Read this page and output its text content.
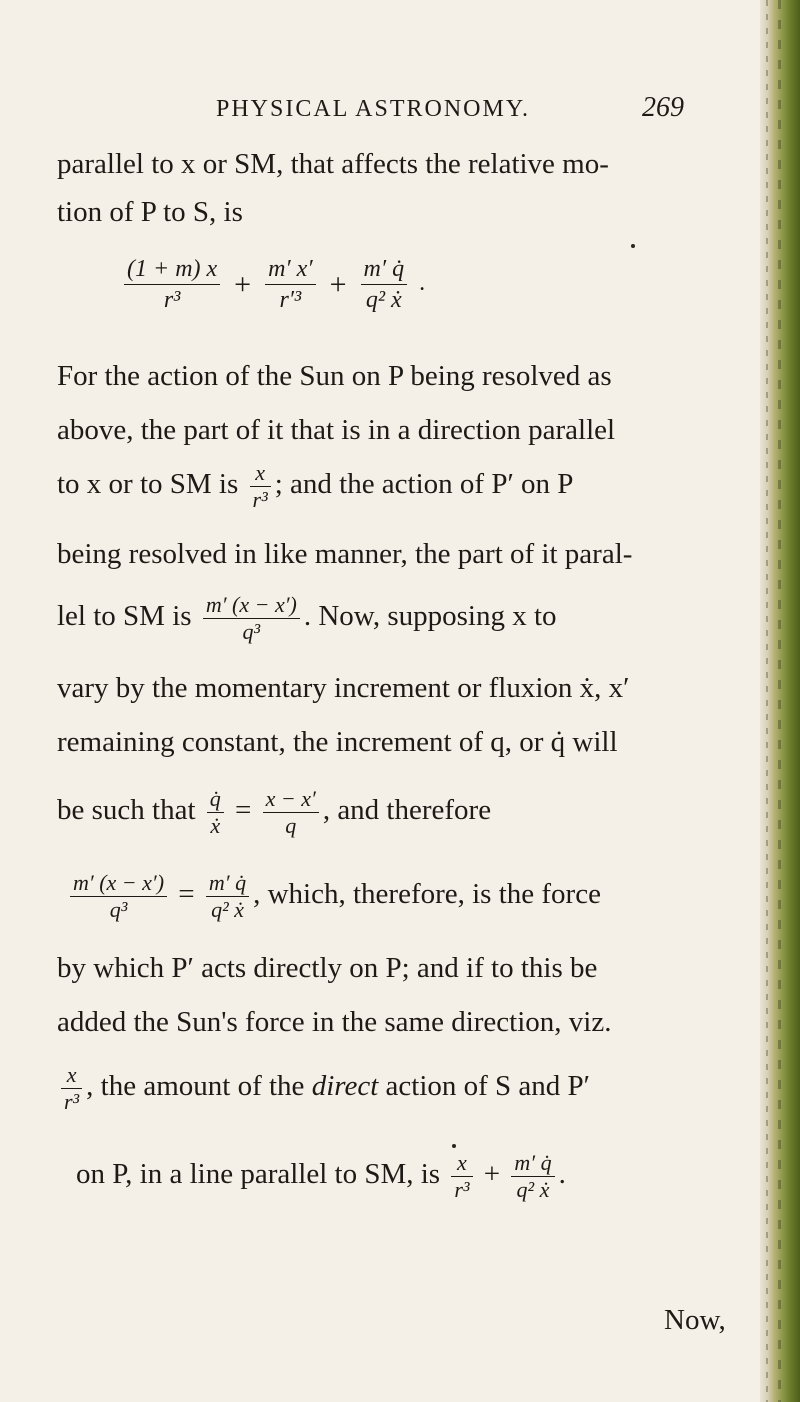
PHYSICAL ASTRONOMY.	269
parallel to x or SM, that affects the relative mo-
tion of P to S, is
$\frac{(1 + m) x}{\text{r³}} + \frac{m' x'}{\text{r′³}} + \frac{m' q̇}{\text{q² ẋ}}$ .
For the action of the Sun on P being resolved as
above, the part of it that is in a direction parallel
to x or to SM is $\frac{x}{\text{r³}}$ ; and the action of P′ on P
being resolved in like manner, the part of it paral-
lel to SM is $\frac{m' (x - x')}{\text{q³}}$ . Now, supposing x to
vary by the momentary increment or fluxion ẋ, x′
remaining constant, the increment of q, or q̇ will
be such that $\frac{q̇}{\text{ẋ}} = \frac{x - x'}{q}$ , and therefore
$\frac{m' (x - x')}{\text{q³}} = \frac{m' q̇}{\text{q² ẋ}}$ , which, therefore, is the force
by which P′ acts directly on P; and if to this be
added the Sun's force in the same direction, viz.
$\frac{x}{\text{r³}}$ , the amount of the direct action of S and P′
on P, in a line parallel to SM, is $\frac{x}{\text{r³}} + \frac{m' q̇}{\text{q² ẋ}}$ .
Now,
